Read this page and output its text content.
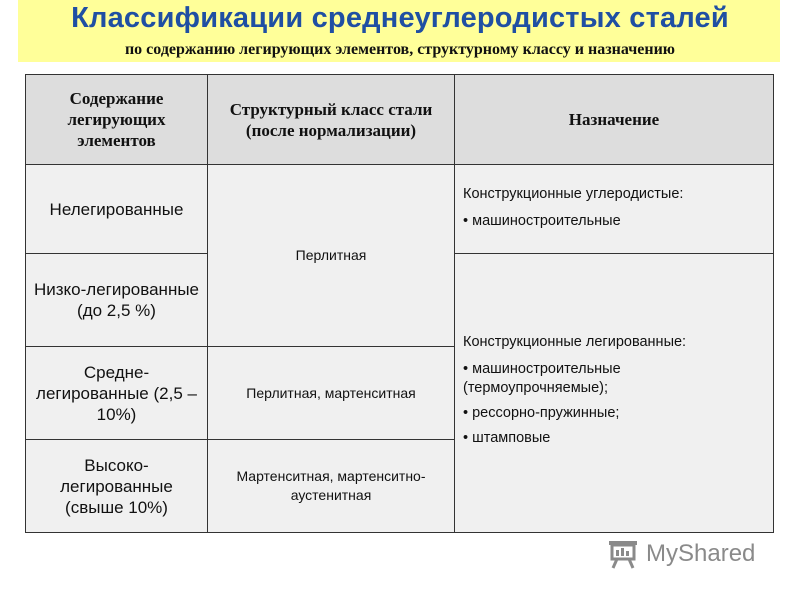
Классификации среднеуглеродистых сталей
по содержанию легирующих элементов, структурному классу и назначению
Содержание легирующих элементов	Структурный класс стали (после нормализации)	Назначение
Нелегированные	Перлитная	Конструкционные углеродистые:
• машиностроительные

Низко-легированные (до 2,5 %)		Конструкционные легированные:
• машиностроительные (термоупрочняемые);
• рессорно-пружинные;
• штамповые

Средне-легированные (2,5 – 10%)	Перлитная, мартенситная	
Высоко-легированные (свыше 10%)	Мартенситная, мартенситно-аустенитная	
MyShared
